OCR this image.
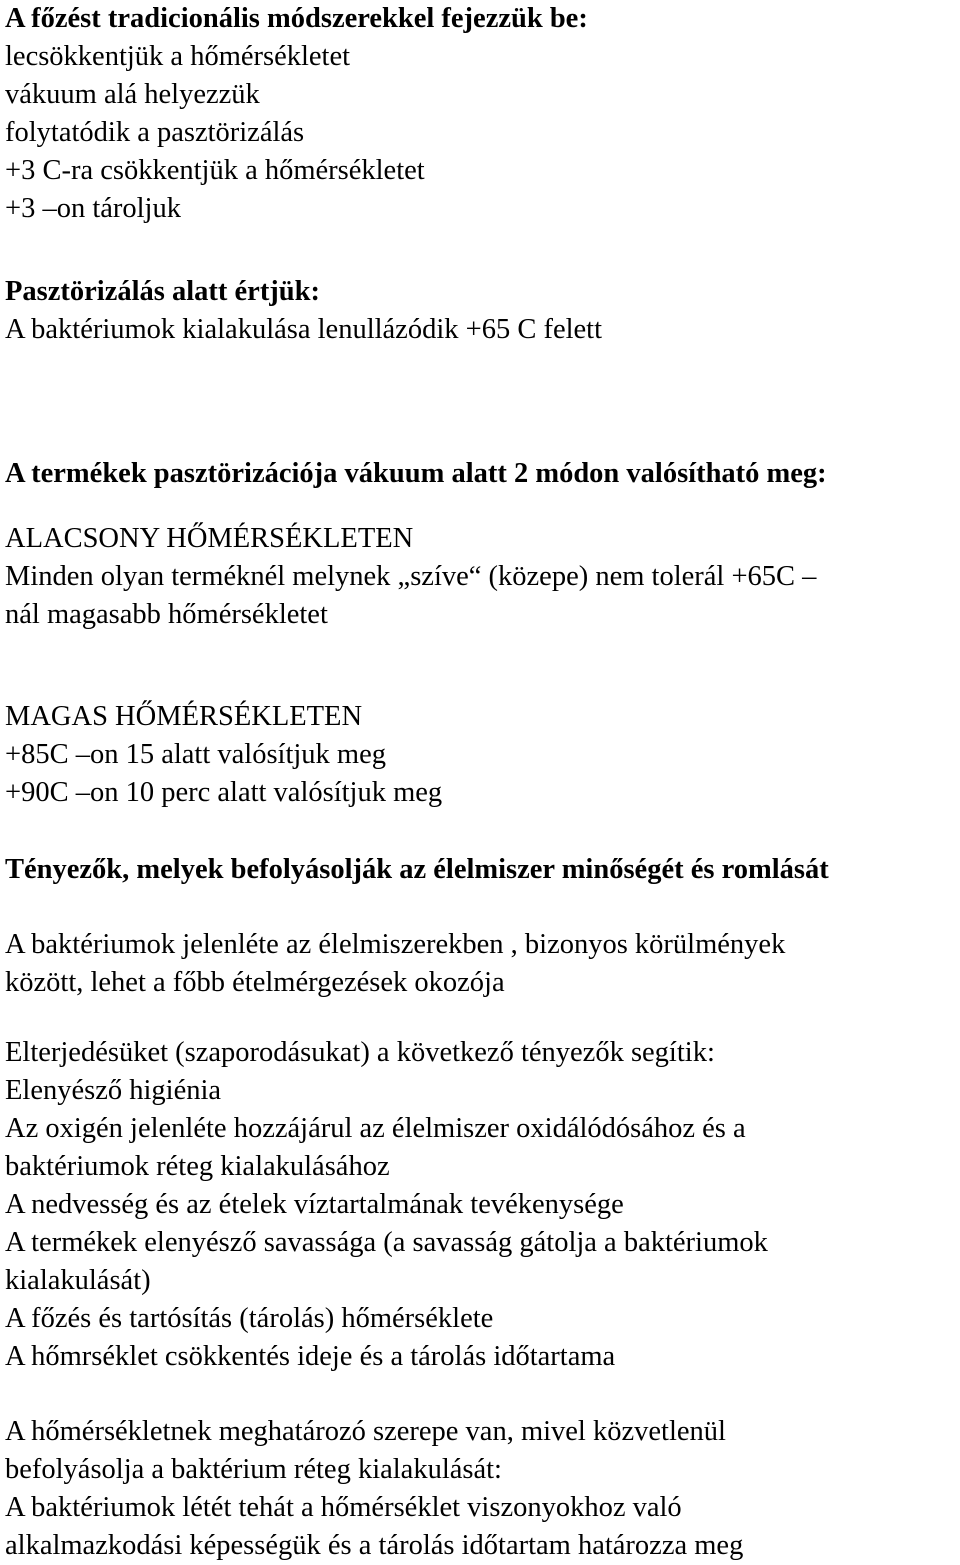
A főzést tradicionális módszerekkel fejezzük be:
lecsökkentjük a hőmérsékletet
vákuum alá helyezzük
folytatódik a pasztörizálás
+3 C-ra csökkentjük a hőmérsékletet
+3 –on tároljuk
Pasztörizálás alatt értjük:
A baktériumok kialakulása lenullázódik +65 C felett
A termékek pasztörizációja vákuum alatt 2 módon valósítható meg:
ALACSONY HŐMÉRSÉKLETEN
Minden olyan terméknél melynek „szíve“ (közepe) nem tolerál +65C –
nál magasabb hőmérsékletet
MAGAS HŐMÉRSÉKLETEN
+85C –on 15 alatt valósítjuk meg
+90C –on 10 perc alatt valósítjuk meg
Tényezők, melyek befolyásolják az élelmiszer minőségét és romlását
A baktériumok jelenléte az élelmiszerekben , bizonyos körülmények
között, lehet a főbb ételmérgezések okozója
Elterjedésüket (szaporodásukat) a következő tényezők segítik:
Elenyésző higiénia
Az oxigén jelenléte hozzájárul az élelmiszer oxidálódósához és a
baktériumok réteg kialakulásához
A nedvesség és az ételek víztartalmának tevékenysége
A termékek elenyésző savassága (a savasság gátolja a baktériumok
kialakulását)
A főzés és tartósítás (tárolás) hőmérséklete
A hőmrséklet csökkentés ideje és a tárolás időtartama
A hőmérsékletnek meghatározó szerepe van, mivel közvetlenül
befolyásolja a baktérium réteg kialakulását:
A baktériumok létét tehát a hőmérséklet viszonyokhoz való
alkalmazkodási képességük és a tárolás időtartam határozza meg
